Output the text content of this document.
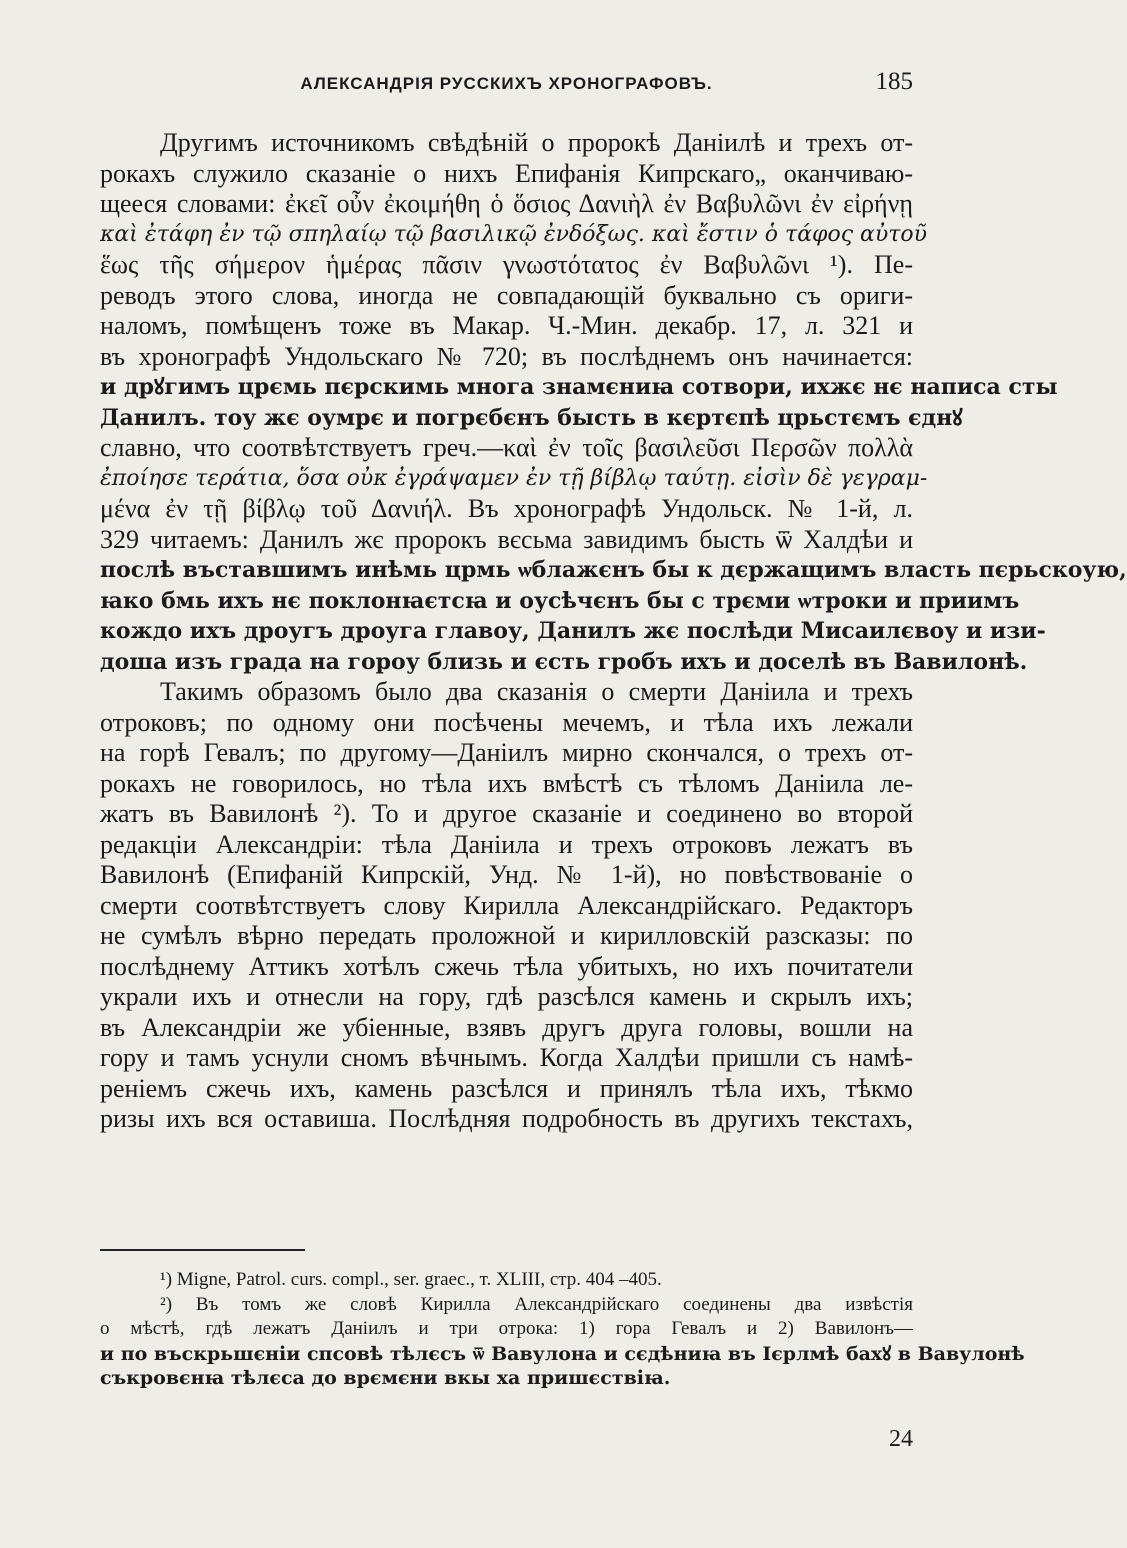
АЛЕКСАНДРІЯ РУССКИХЪ ХРОНОГРАФОВЪ.	185
Другимъ источникомъ свѣдѣній о пророкѣ Даніилѣ и трехъ от-
рокахъ служило сказаніе о нихъ Епифанія Кипрскаго„ оканчиваю-
щееся словами: ἐκεῖ οὖν ἐκοιμήθη ὁ ὅσιος Δανιὴλ ἐν Βαβυλῶνι ἐν εἰρήνῃ
καὶ ἐτάφη ἐν τῷ σπηλαίῳ τῷ βασιλικῷ ἐνδόξως. καὶ ἔστιν ὁ τάφος αὐτοῦ
ἕως τῆς σήμερον ἡμέρας πᾶσιν γνωστότατος ἐν Βαβυλῶνι ¹). Пе-
реводъ этого слова, иногда не совпадающій буквально съ ориги-
наломъ, помѣщенъ тоже въ Макар. Ч.-Мин. декабр. 17, л. 321 и
въ хронографѣ Ундольскаго № 720; въ послѣднемъ онъ начинается:
и дрꙋгимъ црємь пєрскимь многа знамєниꙗ сотвори, ихжє нє написа сты
Данилъ. тоу жє оумрє и погрєбєнъ бысть в кєртєпѣ црьстємъ єднꙋ
славно, что соотвѣтствуетъ греч.—καὶ ἐν τοῖς βασιλεῦσι Περσῶν πολλὰ
ἐποίησε τεράτια, ὅσα οὐκ ἐγράψαμεν ἐν τῇ βίβλῳ ταύτῃ. εἰσὶν δὲ γεγραμ-
μένα ἐν τῇ βίβλῳ τοῦ Δανιήλ. Въ хронографѣ Ундольск. № 1-й, л.
329 читаемъ: Данилъ жє пророкъ вєсьма завидимъ бысть ѿ Халдѣи и
послѣ въставшимъ инѣмь црмь ѡблажєнъ бы к дєржащимъ власть пєрьскоую,
ꙗко бмь ихъ нє поклонꙗєтсꙗ и оусѣчєнъ бы с трєми ѡтроки и приимъ
кождо ихъ дроугъ дроуга главоу, Данилъ жє послѣди Мисаилєвоу и изи-
доша изъ града на горοу близь и єсть гробъ ихъ и доселѣ въ Вавилонѣ.
Такимъ образомъ было два сказанія о смерти Даніила и трехъ
отроковъ; по одному они посѣчены мечемъ, и тѣла ихъ лежали
на горѣ Гевалъ; по другому—Даніилъ мирно скончался, о трехъ от-
рокахъ не говорилось, но тѣла ихъ вмѣстѣ съ тѣломъ Даніила ле-
жатъ въ Вавилонѣ ²). То и другое сказаніе и соединено во второй
редакціи Александріи: тѣла Даніила и трехъ отроковъ лежатъ въ
Вавилонѣ (Епифаній Кипрскій, Унд. № 1-й), но повѣствованіе о
смерти соотвѣтствуетъ слову Кирилла Александрійскаго. Редакторъ
не сумѣлъ вѣрно передать проложной и кирилловскій разсказы: по
послѣднему Аттикъ хотѣлъ сжечь тѣла убитыхъ, но ихъ почитатели
украли ихъ и отнесли на гору, гдѣ разсѣлся камень и скрылъ ихъ;
въ Александріи же убіенные, взявъ другъ друга головы, вошли на
гору и тамъ уснули сномъ вѣчнымъ. Когда Халдѣи пришли съ намѣ-
реніемъ сжечь ихъ, камень разсѣлся и принялъ тѣла ихъ, тѣкмо
ризы ихъ вся оставиша. Послѣдняя подробность въ другихъ текстахъ,
¹) Migne, Patrol. curs. compl., ser. graec., т. XLIII, стр. 404 –405.
²) Въ томъ же словѣ Кирилла Александрійскаго соединены два извѣстія
о мѣстѣ, гдѣ лежатъ Даніилъ и три отрока: 1) гора Гевалъ и 2) Вавилонъ—
и по въскрьшєніи спсовѣ тѣлєсъ ѿ Вавулона и сєдѣниꙗ въ Ієрлмѣ бахꙋ в Вавулонѣ
съкровєнꙗ тѣлєса до врємєни вкы ха пришєствіꙗ.
24
